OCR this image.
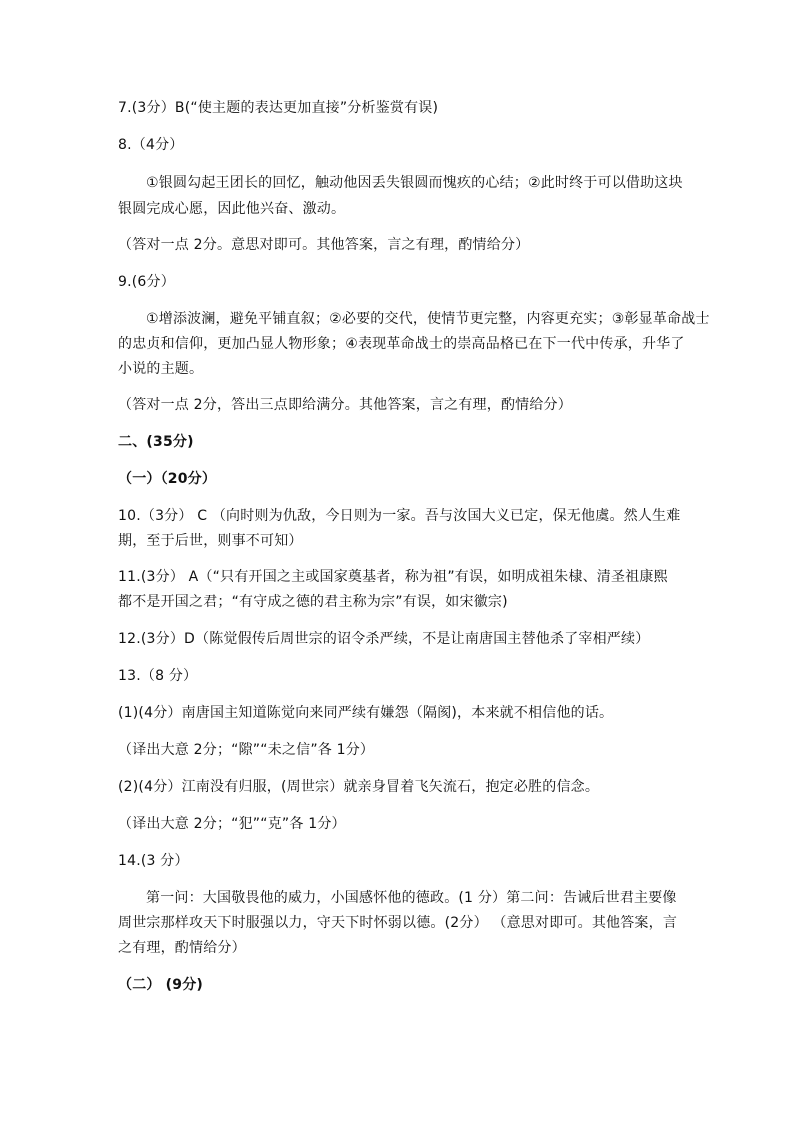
7.(3分）B(“使主题的表达更加直接”分析鉴赏有误)
8.（4分）
①银圆勾起王团长的回忆，触动他因丢失银圆而愧疚的心结；②此时终于可以借助这块
银圆完成心愿，因此他兴奋、激动。
（答对一点 2分。意思对即可。其他答案，言之有理，酌情给分）
9.(6分）
①增添波澜，避免平铺直叙；②必要的交代，使情节更完整，内容更充实；③彰显革命战士
的忠贞和信仰，更加凸显人物形象；④表现革命战士的崇高品格已在下一代中传承，升华了
小说的主题。
（答对一点 2分，答出三点即给满分。其他答案，言之有理，酌情给分）
二、(35分)
（一）（20分）
10.（3分） C （向时则为仇敌，今日则为一家。吾与汝国大义已定，保无他虞。然人生难
期，至于后世，则事不可知）
11.(3分） A（“只有开国之主或国家奠基者，称为祖”有误，如明成祖朱棣、清圣祖康熙
都不是开国之君；“有守成之德的君主称为宗”有误，如宋徽宗)
12.(3分）D（陈觉假传后周世宗的诏令杀严续，不是让南唐国主替他杀了宰相严续）
13.（8 分）
(1)(4分）南唐国主知道陈觉向来同严续有嫌怨（隔阂)，本来就不相信他的话。
（译出大意 2分；“隙”“未之信”各 1分）
(2)(4分）江南没有归服，(周世宗）就亲身冒着飞矢流石，抱定必胜的信念。
（译出大意 2分；“犯”“克”各 1分）
14.(3 分）
第一问：大国敬畏他的威力，小国感怀他的德政。(1 分）第二问：告诫后世君主要像
周世宗那样攻天下时服强以力，守天下时怀弱以德。(2分） （意思对即可。其他答案，言
之有理，酌情给分）
（二） (9分)
